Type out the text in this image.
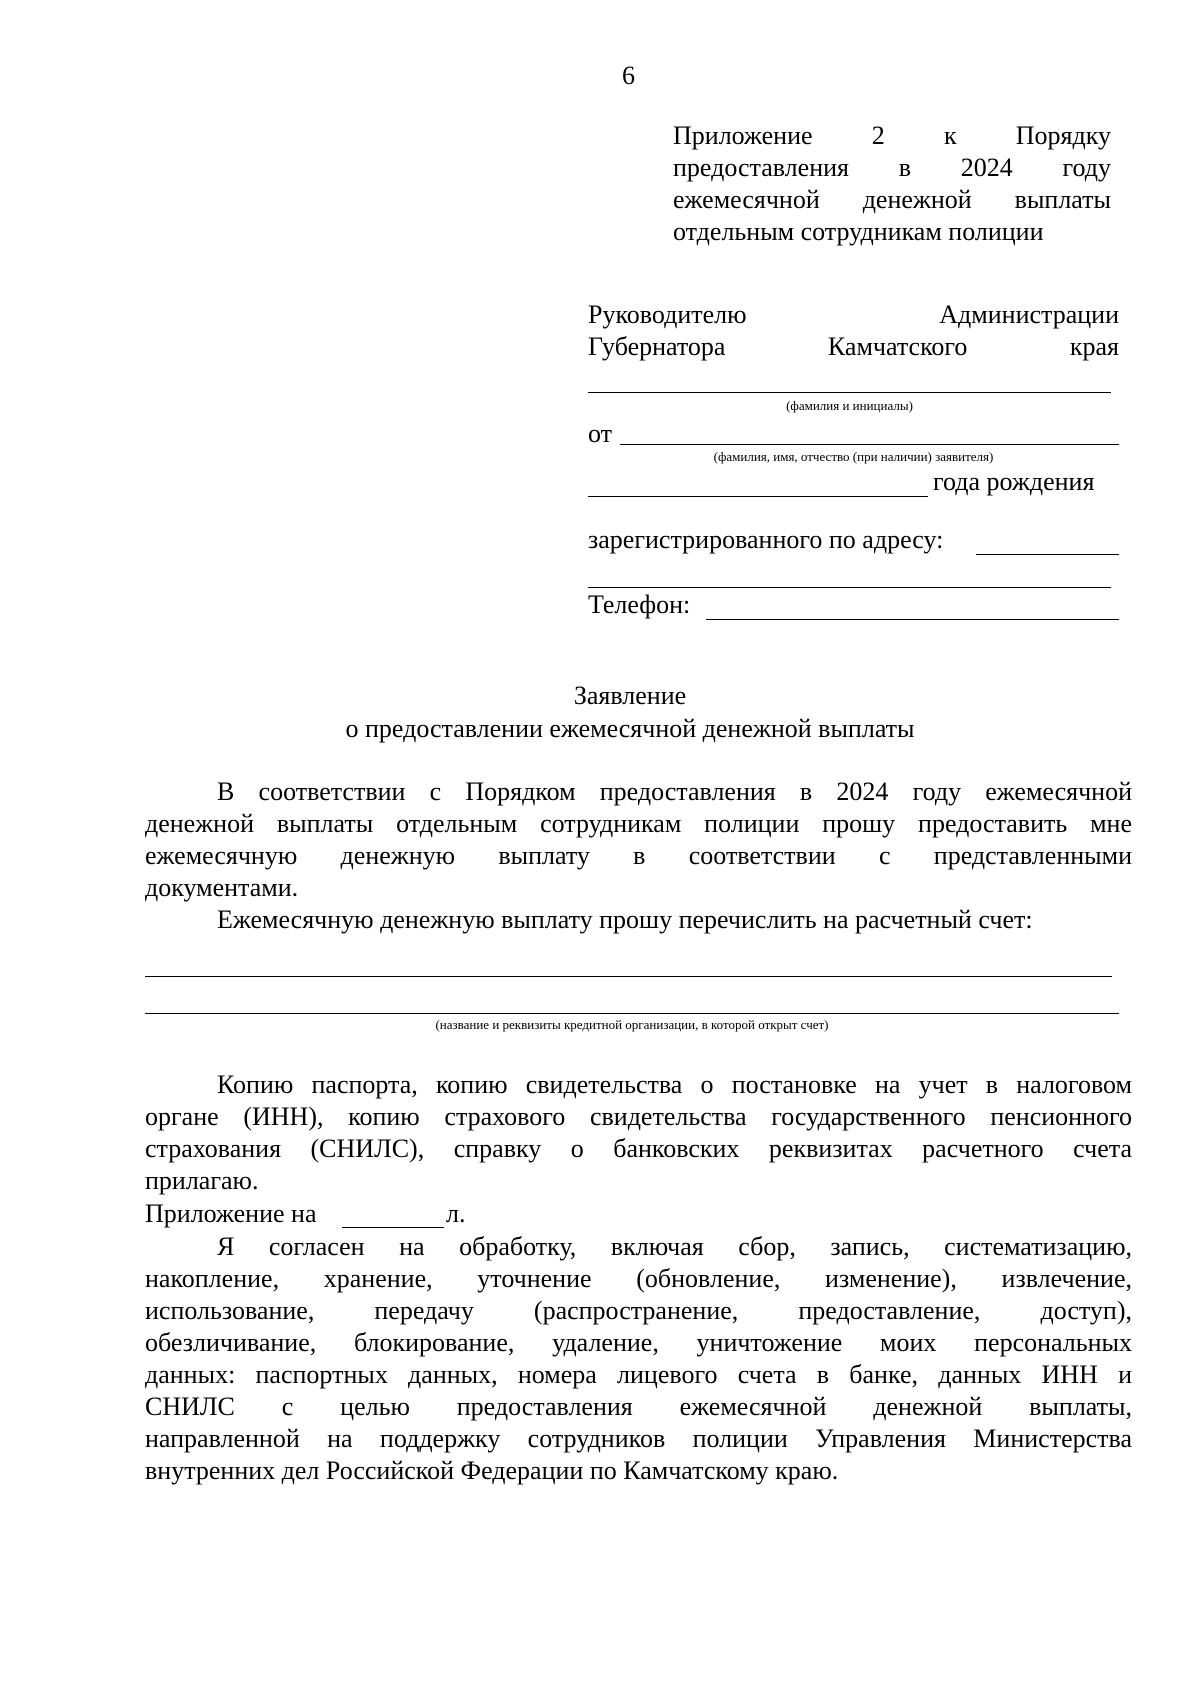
6
Приложение 2 к Порядку
предоставления в 2024 году
ежемесячной денежной выплаты
отдельным сотрудникам полиции
Руководителю Администрации
Губернатора Камчатского края
(фамилия и инициалы)
от
(фамилия, имя, отчество (при наличии) заявителя)
года рождения
зарегистрированного по адресу:
Телефон:
Заявление
о предоставлении ежемесячной денежной выплаты
В соответствии с Порядком предоставления в 2024 году ежемесячной
денежной выплаты отдельным сотрудникам полиции прошу предоставить мне
ежемесячную денежную выплату в соответствии с представленными
документами.
Ежемесячную денежную выплату прошу перечислить на расчетный счет:
(название и реквизиты кредитной организации, в которой открыт счет)
Копию паспорта, копию свидетельства о постановке на учет в налоговом
органе (ИНН), копию страхового свидетельства государственного пенсионного
страхования (СНИЛС), справку о банковских реквизитах расчетного счета
прилагаю.
Приложение на	л.
Я согласен на обработку, включая сбор, запись, систематизацию,
накопление, хранение, уточнение (обновление, изменение), извлечение,
использование, передачу (распространение, предоставление, доступ),
обезличивание, блокирование, удаление, уничтожение моих персональных
данных: паспортных данных, номера лицевого счета в банке, данных ИНН и
СНИЛС с целью предоставления ежемесячной денежной выплаты,
направленной на поддержку сотрудников полиции Управления Министерства
внутренних дел Российской Федерации по Камчатскому краю.
